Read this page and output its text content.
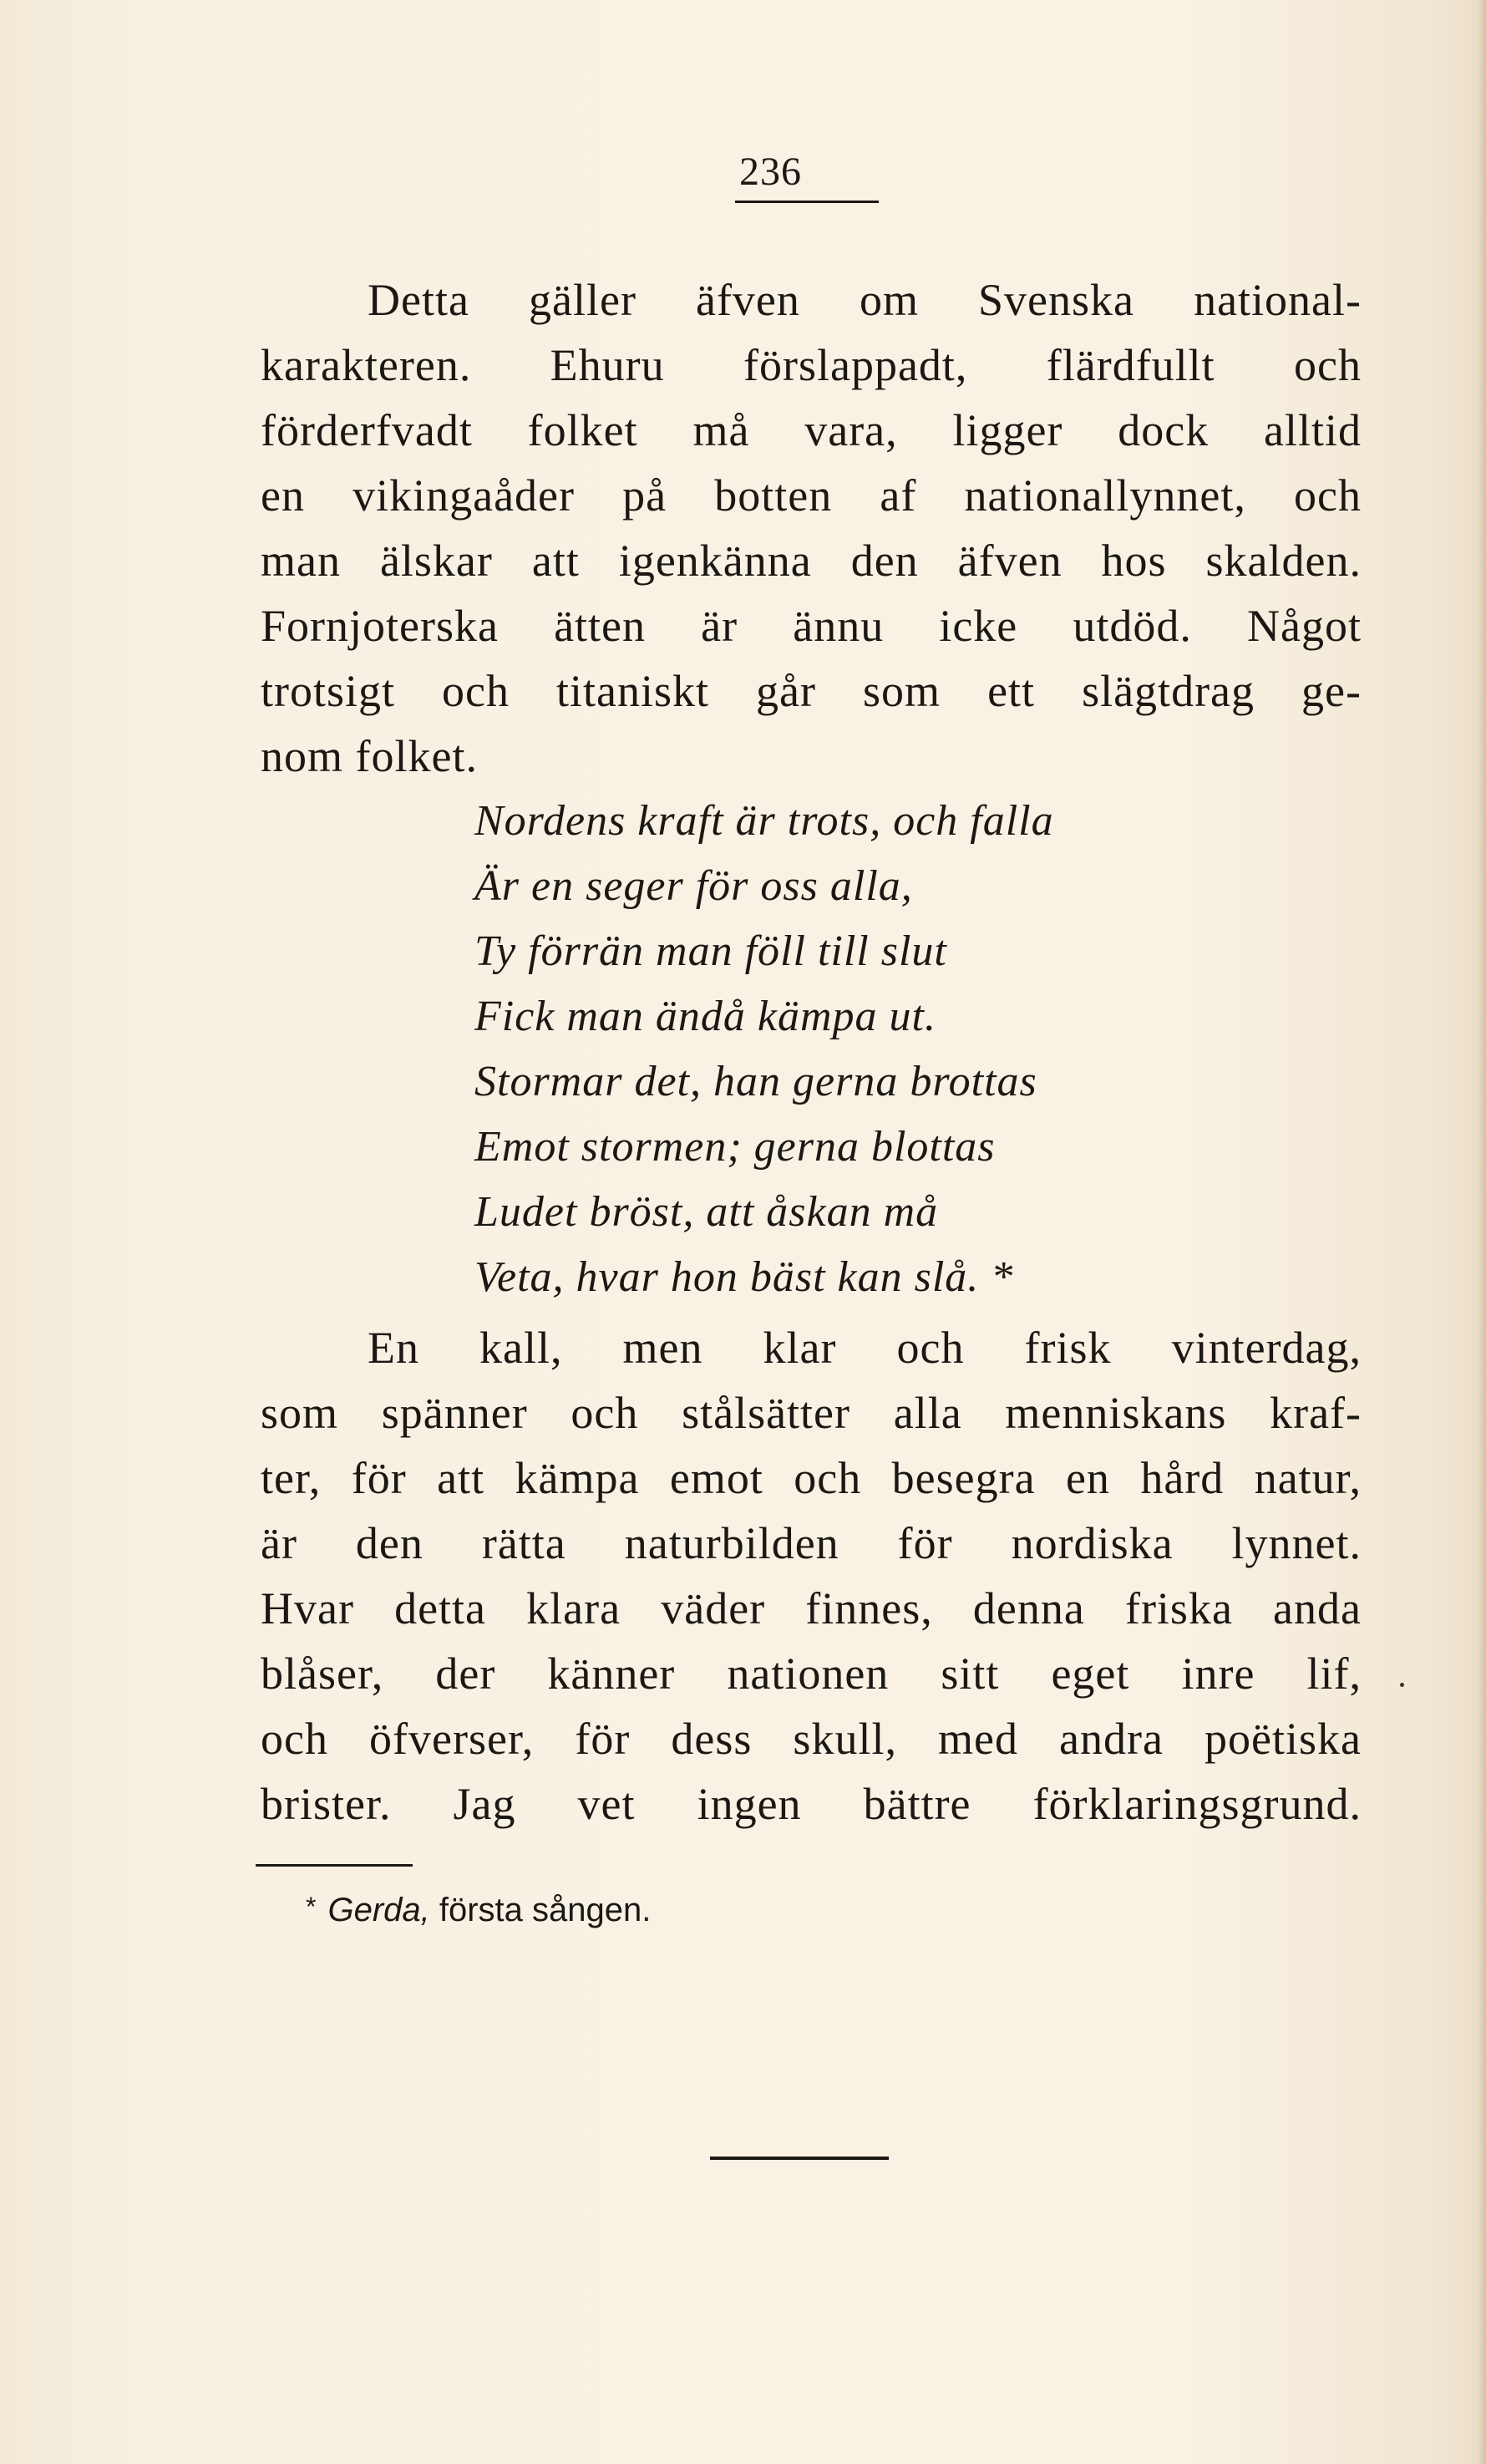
236
Detta gäller äfven om Svenska national-
karakteren. Ehuru förslappadt, flärdfullt och
förderfvadt folket må vara, ligger dock alltid
en vikingaåder på botten af nationallynnet, och
man älskar att igenkänna den äfven hos skalden.
Fornjoterska ätten är ännu icke utdöd. Något
trotsigt och titaniskt går som ett slägtdrag ge-
nom folket.
Nordens kraft är trots, och falla
Är en seger för oss alla,
Ty förrän man föll till slut
Fick man ändå kämpa ut.
Stormar det, han gerna brottas
Emot stormen; gerna blottas
Ludet bröst, att åskan må
Veta, hvar hon bäst kan slå. *
En kall, men klar och frisk vinterdag,
som spänner och stålsätter alla menniskans kraf-
ter, för att kämpa emot och besegra en hård natur,
är den rätta naturbilden för nordiska lynnet.
Hvar detta klara väder finnes, denna friska anda
blåser, der känner nationen sitt eget inre lif,
och öfverser, för dess skull, med andra poëtiska
brister. Jag vet ingen bättre förklaringsgrund.
* Gerda, första sången.
